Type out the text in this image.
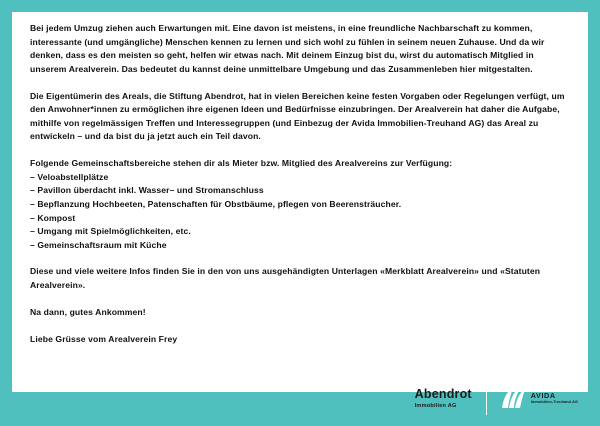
Bei jedem Umzug ziehen auch Erwartungen mit. Eine davon ist meistens, in eine freundliche Nachbarschaft zu kommen, interessante (und umgängliche) Menschen kennen zu lernen und sich wohl zu fühlen in seinem neuen Zuhause. Und da wir denken, dass es den meisten so geht, helfen wir etwas nach. Mit deinem Einzug bist du, wirst du automatisch Mitglied in unserem Arealverein. Das bedeutet du kannst deine unmittelbare Umgebung und das Zusammenleben hier mitgestalten.

Die Eigentümerin des Areals, die Stiftung Abendrot, hat in vielen Bereichen keine festen Vorgaben oder Regelungen verfügt, um den Anwohner*innen zu ermöglichen ihre eigenen Ideen und Bedürfnisse einzubringen. Der Arealverein hat daher die Aufgabe, mithilfe von regelmässigen Treffen und Interessegruppen (und Einbezug der Avida Immobilien-Treuhand AG) das Areal zu entwickeln – und da bist du ja jetzt auch ein Teil davon.

Folgende Gemeinschaftsbereiche stehen dir als Mieter bzw. Mitglied des Arealvereins zur Verfügung:

– Veloabstellplätze
– Pavillon überdacht inkl. Wasser– und Stromanschluss
– Bepflanzung Hochbeeten, Patenschaften für Obstbäume, pflegen von Beerensträucher.
– Kompost
– Umgang mit Spielmöglichkeiten, etc.
– Gemeinschaftsraum mit Küche

Diese und viele weitere Infos finden Sie in den von uns ausgehändigten Unterlagen «Merkblatt Arealverein» und «Statuten Arealverein».

Na dann, gutes Ankommen!

Liebe Grüsse vom Arealverein Frey

Abendrot
Immobilien AG
AVIDA
Immobilien-Treuhand AG
